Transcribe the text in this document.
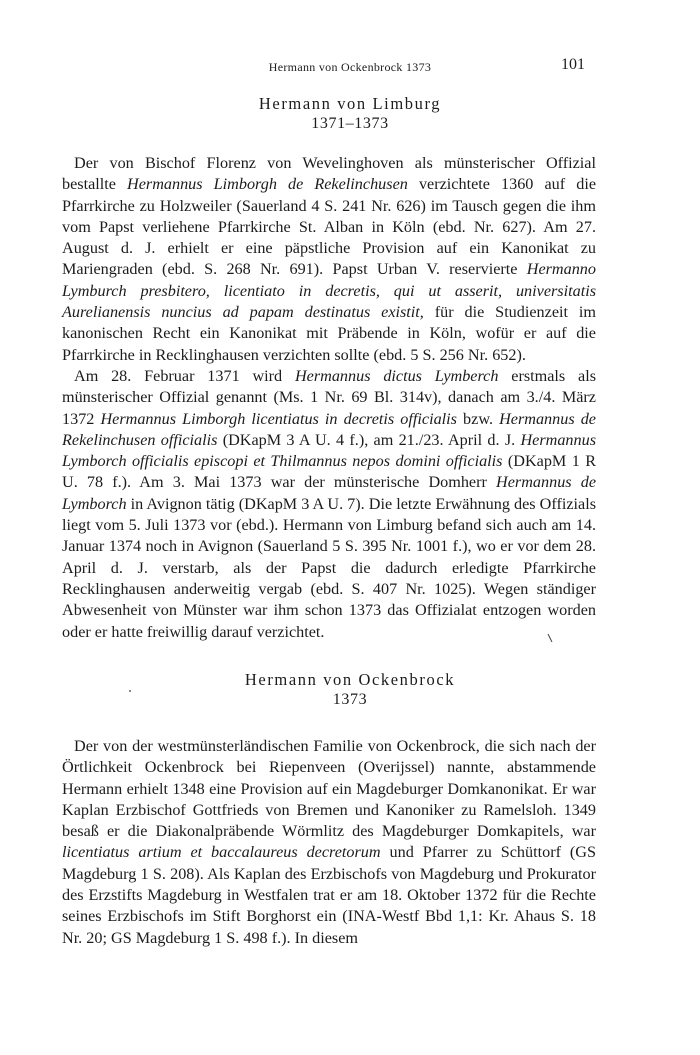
Hermann von Ockenbrock 1373	101
Hermann von Limburg
1371–1373

Der von Bischof Florenz von Wevelinghoven als münsterischer Offizial bestallte Hermannus Limborgh de Rekelinchusen verzichtete 1360 auf die Pfarrkirche zu Holzweiler (Sauerland 4 S. 241 Nr. 626) im Tausch gegen die ihm vom Papst verliehene Pfarrkirche St. Alban in Köln (ebd. Nr. 627). Am 27. August d. J. erhielt er eine päpstliche Provision auf ein Kanonikat zu Mariengraden (ebd. S. 268 Nr. 691). Papst Urban V. reservierte Hermanno Lymburch presbitero, licentiato in decretis, qui ut asserit, universitatis Aurelianensis nuncius ad papam destinatus existit, für die Studienzeit im kanonischen Recht ein Kanonikat mit Präbende in Köln, wofür er auf die Pfarrkirche in Recklinghausen verzichten sollte (ebd. 5 S. 256 Nr. 652).

Am 28. Februar 1371 wird Hermannus dictus Lymberch erstmals als münsterischer Offizial genannt (Ms. 1 Nr. 69 Bl. 314v), danach am 3./4. März 1372 Hermannus Limborgh licentiatus in decretis officialis bzw. Hermannus de Rekelinchusen officialis (DKapM 3 A U. 4 f.), am 21./23. April d. J. Hermannus Lymborch officialis episcopi et Thilmannus nepos domini officialis (DKapM 1 R U. 78 f.). Am 3. Mai 1373 war der münsterische Domherr Hermannus de Lymborch in Avignon tätig (DKapM 3 A U. 7). Die letzte Erwähnung des Offizials liegt vom 5. Juli 1373 vor (ebd.). Hermann von Limburg befand sich auch am 14. Januar 1374 noch in Avignon (Sauerland 5 S. 395 Nr. 1001 f.), wo er vor dem 28. April d. J. verstarb, als der Papst die dadurch erledigte Pfarrkirche Recklinghausen anderweitig vergab (ebd. S. 407 Nr. 1025). Wegen ständiger Abwesenheit von Münster war ihm schon 1373 das Offizialat entzogen worden oder er hatte freiwillig darauf verzichtet.

Hermann von Ockenbrock
1373

Der von der westmünsterländischen Familie von Ockenbrock, die sich nach der Örtlichkeit Ockenbrock bei Riepenveen (Overijssel) nannte, abstammende Hermann erhielt 1348 eine Provision auf ein Magdeburger Domkanonikat. Er war Kaplan Erzbischof Gottfrieds von Bremen und Kanoniker zu Ramelsloh. 1349 besaß er die Diakonalpräbende Wörmlitz des Magdeburger Domkapitels, war licentiatus artium et baccalaureus decretorum und Pfarrer zu Schüttorf (GS Magdeburg 1 S. 208). Als Kaplan des Erzbischofs von Magdeburg und Prokurator des Erzstifts Magdeburg in Westfalen trat er am 18. Oktober 1372 für die Rechte seines Erzbischofs im Stift Borghorst ein (INA-Westf Bbd 1,1: Kr. Ahaus S. 18 Nr. 20; GS Magdeburg 1 S. 498 f.). In diesem
